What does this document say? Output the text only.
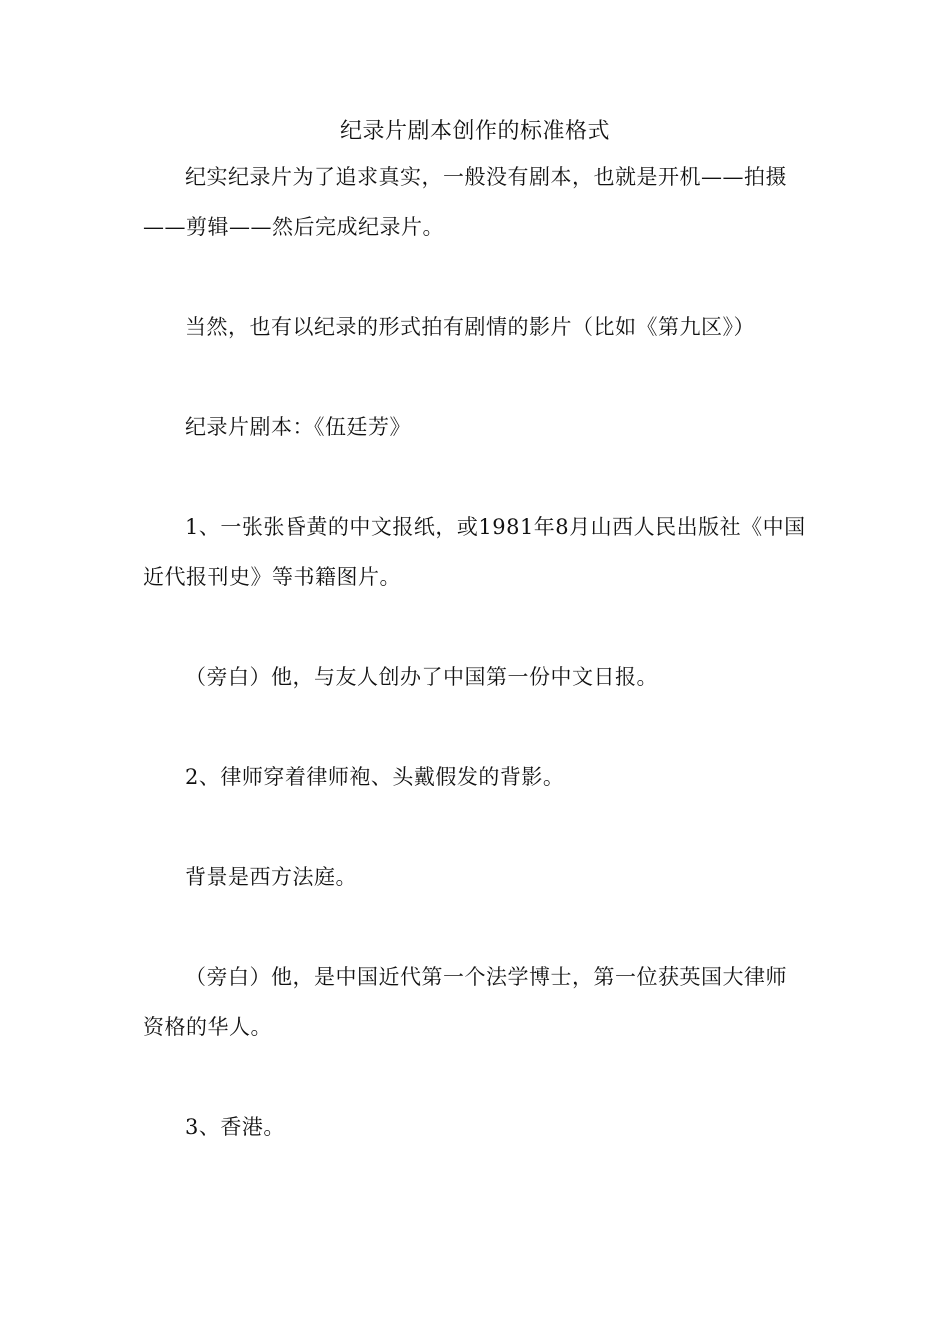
纪录片剧本创作的标准格式

纪实纪录片为了追求真实，一般没有剧本，也就是开机——拍摄——剪辑——然后完成纪录片。

当然，也有以纪录的形式拍有剧情的影片（比如《第九区》）

纪录片剧本：《伍廷芳》

1、一张张昏黄的中文报纸，或1981年8月山西人民出版社《中国近代报刊史》等书籍图片。

（旁白）他，与友人创办了中国第一份中文日报。

2、律师穿着律师袍、头戴假发的背影。

背景是西方法庭。

（旁白）他，是中国近代第一个法学博士，第一位获英国大律师资格的华人。

3、香港。
